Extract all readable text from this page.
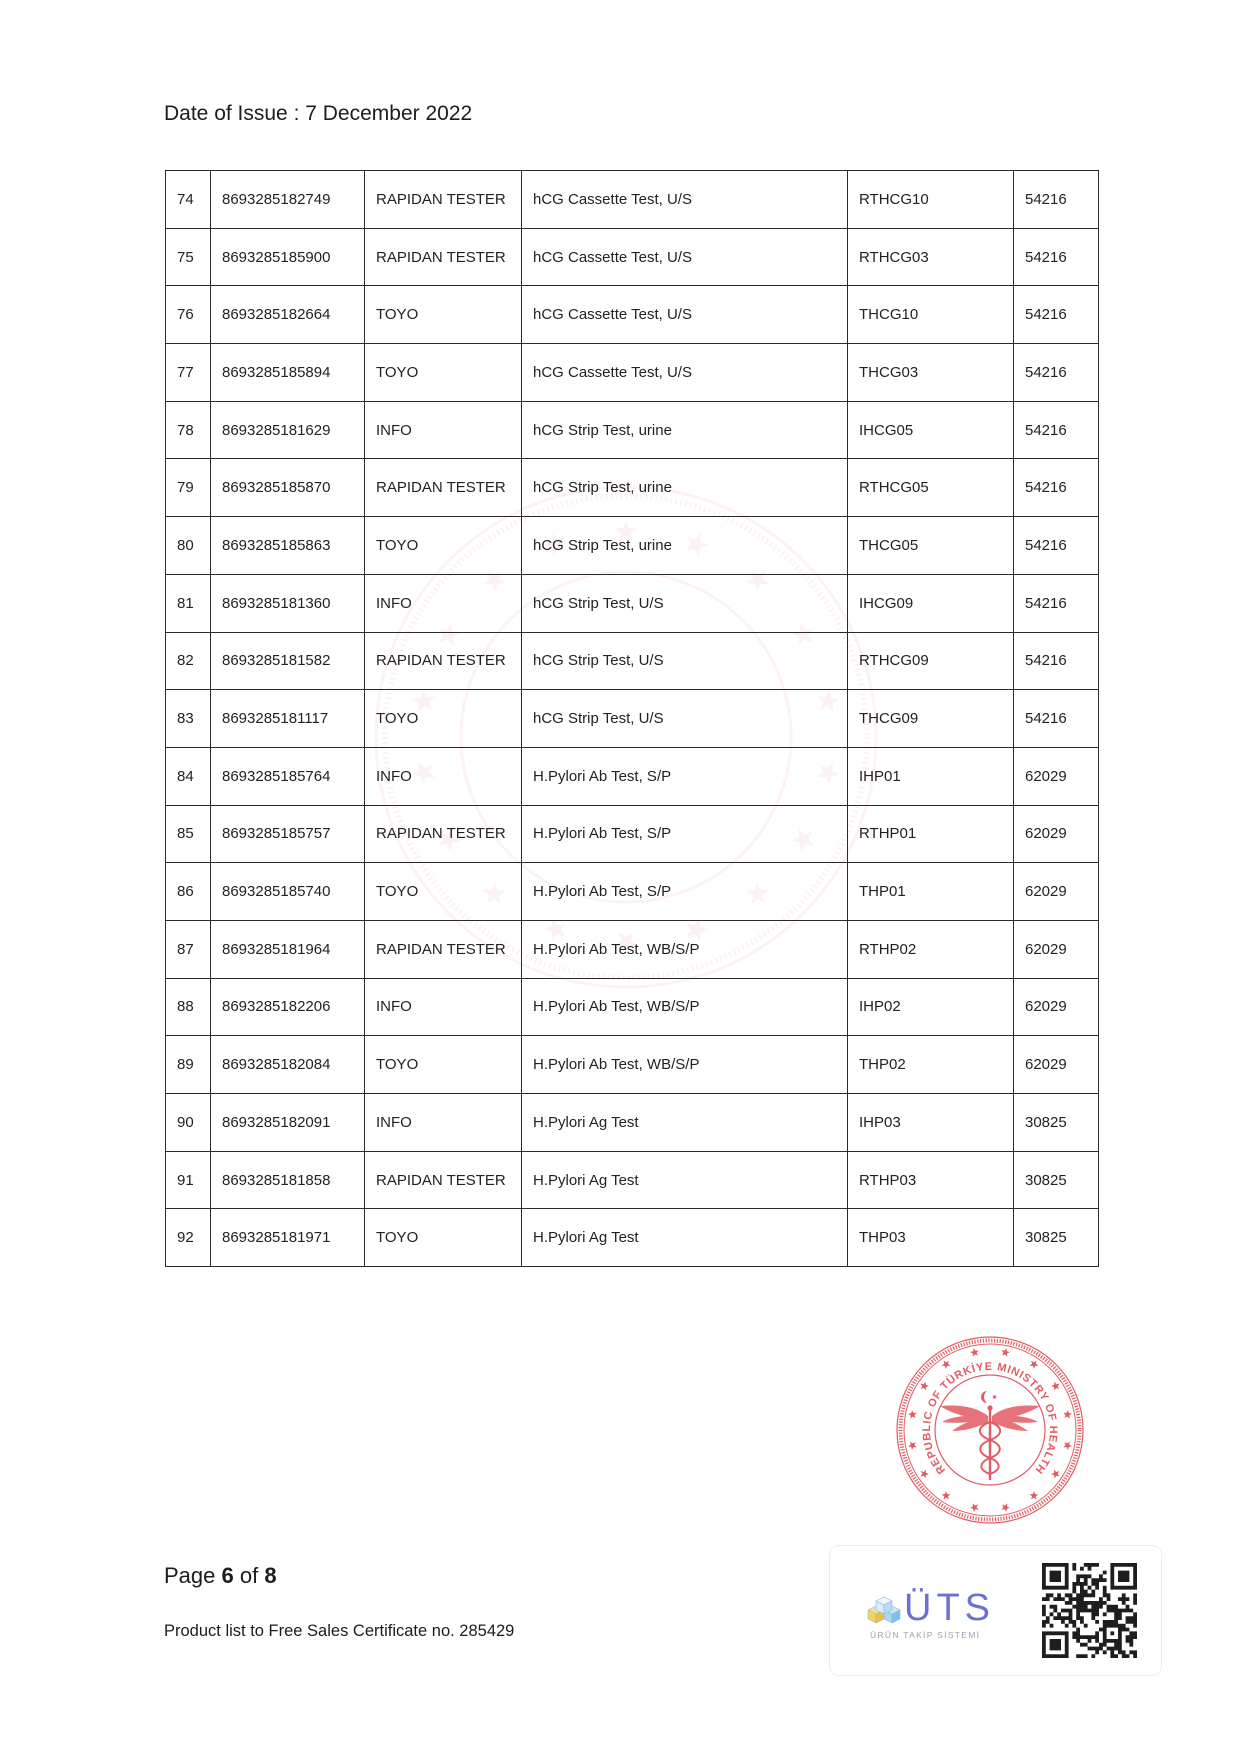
Date of Issue : 7 December 2022
74	8693285182749	RAPIDAN TESTER	hCG Cassette Test, U/S	RTHCG10	54216
75	8693285185900	RAPIDAN TESTER	hCG Cassette Test, U/S	RTHCG03	54216
76	8693285182664	TOYO	hCG Cassette Test, U/S	THCG10	54216
77	8693285185894	TOYO	hCG Cassette Test, U/S	THCG03	54216
78	8693285181629	INFO	hCG Strip Test, urine	IHCG05	54216
79	8693285185870	RAPIDAN TESTER	hCG Strip Test, urine	RTHCG05	54216
80	8693285185863	TOYO	hCG Strip Test, urine	THCG05	54216
81	8693285181360	INFO	hCG Strip Test, U/S	IHCG09	54216
82	8693285181582	RAPIDAN TESTER	hCG Strip Test, U/S	RTHCG09	54216
83	8693285181117	TOYO	hCG Strip Test, U/S	THCG09	54216
84	8693285185764	INFO	H.Pylori Ab Test, S/P	IHP01	62029
85	8693285185757	RAPIDAN TESTER	H.Pylori Ab Test, S/P	RTHP01	62029
86	8693285185740	TOYO	H.Pylori Ab Test, S/P	THP01	62029
87	8693285181964	RAPIDAN TESTER	H.Pylori Ab Test, WB/S/P	RTHP02	62029
88	8693285182206	INFO	H.Pylori Ab Test, WB/S/P	IHP02	62029
89	8693285182084	TOYO	H.Pylori Ab Test, WB/S/P	THP02	62029
90	8693285182091	INFO	H.Pylori Ag Test	IHP03	30825
91	8693285181858	RAPIDAN TESTER	H.Pylori Ag Test	RTHP03	30825
92	8693285181971	TOYO	H.Pylori Ag Test	THP03	30825
REPUBLIC OF TÜRKİYE MINISTRY OF HEALTH
Page 6 of 8
Product list to Free Sales Certificate no. 285429
ÜTS
ÜRÜN TAKİP SİSTEMİ
